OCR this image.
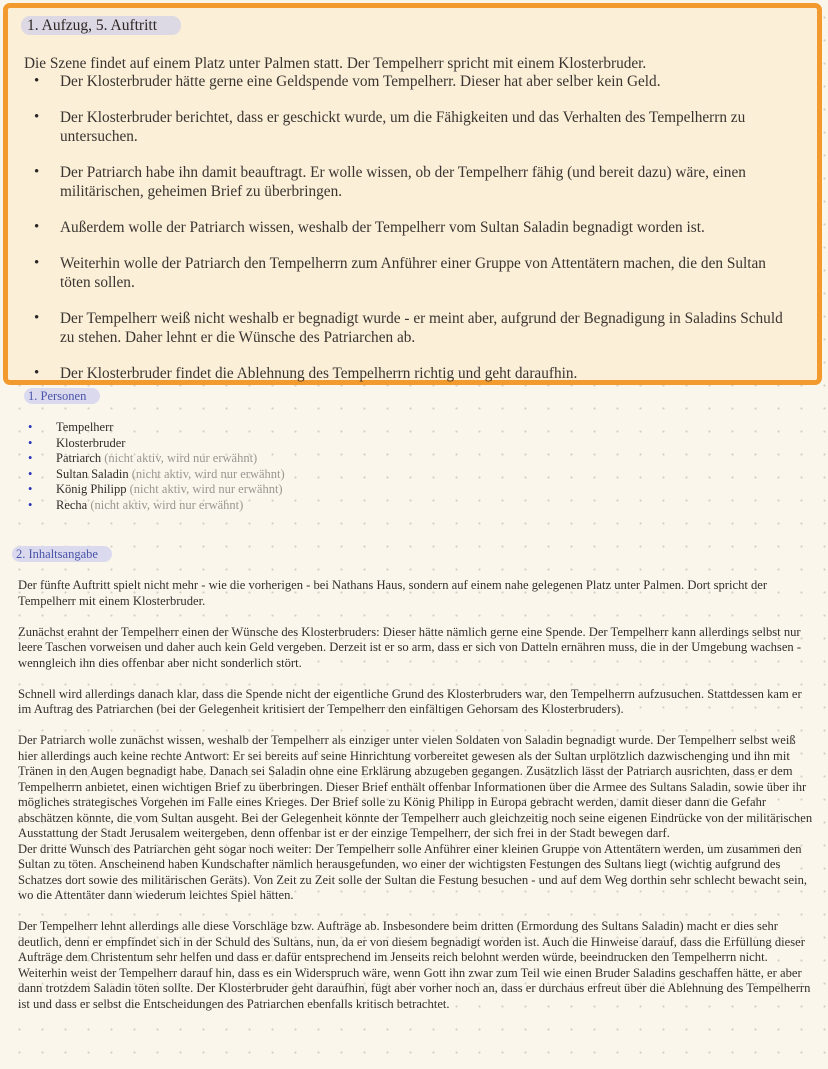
1. Aufzug, 5. Auftritt

Die Szene findet auf einem Platz unter Palmen statt. Der Tempelherr spricht mit einem Klosterbruder.

• Der Klosterbruder hätte gerne eine Geldspende vom Tempelherr. Dieser hat aber selber kein Geld.
• Der Klosterbruder berichtet, dass er geschickt wurde, um die Fähigkeiten und das Verhalten des Tempelherrn zu untersuchen.
• Der Patriarch habe ihn damit beauftragt. Er wolle wissen, ob der Tempelherr fähig (und bereit dazu) wäre, einen militärischen, geheimen Brief zu überbringen.
• Außerdem wolle der Patriarch wissen, weshalb der Tempelherr vom Sultan Saladin begnadigt worden ist.
• Weiterhin wolle der Patriarch den Tempelherrn zum Anführer einer Gruppe von Attentätern machen, die den Sultan töten sollen.
• Der Tempelherr weiß nicht weshalb er begnadigt wurde - er meint aber, aufgrund der Begnadigung in Saladins Schuld zu stehen. Daher lehnt er die Wünsche des Patriarchen ab.
• Der Klosterbruder findet die Ablehnung des Tempelherrn richtig und geht daraufhin.
1. Personen
• Tempelherr
• Klosterbruder
• Patriarch (nicht aktiv, wird nur erwähnt)
• Sultan Saladin (nicht aktiv, wird nur erwähnt)
• König Philipp (nicht aktiv, wird nur erwähnt)
• Recha (nicht aktiv, wird nur erwähnt)
2. Inhaltsangabe

Der fünfte Auftritt spielt nicht mehr - wie die vorherigen - bei Nathans Haus, sondern auf einem nahe gelegenen Platz unter Palmen. Dort spricht der Tempelherr mit einem Klosterbruder.

Zunächst erahnt der Tempelherr einen der Wünsche des Klosterbruders: Dieser hätte nämlich gerne eine Spende. Der Tempelherr kann allerdings selbst nur leere Taschen vorweisen und daher auch kein Geld vergeben. Derzeit ist er so arm, dass er sich von Datteln ernähren muss, die in der Umgebung wachsen - wenngleich ihn dies offenbar aber nicht sonderlich stört.

Schnell wird allerdings danach klar, dass die Spende nicht der eigentliche Grund des Klosterbruders war, den Tempelherrn aufzusuchen. Stattdessen kam er im Auftrag des Patriarchen (bei der Gelegenheit kritisiert der Tempelherr den einfältigen Gehorsam des Klosterbruders).

Der Patriarch wolle zunächst wissen, weshalb der Tempelherr als einziger unter vielen Soldaten von Saladin begnadigt wurde. Der Tempelherr selbst weiß hier allerdings auch keine rechte Antwort: Er sei bereits auf seine Hinrichtung vorbereitet gewesen als der Sultan urplötzlich dazwischenging und ihn mit Tränen in den Augen begnadigt habe. Danach sei Saladin ohne eine Erklärung abzugeben gegangen. Zusätzlich lässt der Patriarch ausrichten, dass er dem Tempelherrn anbietet, einen wichtigen Brief zu überbringen. Dieser Brief enthält offenbar Informationen über die Armee des Sultans Saladin, sowie über ihr mögliches strategisches Vorgehen im Falle eines Krieges. Der Brief solle zu König Philipp in Europa gebracht werden, damit dieser dann die Gefahr abschätzen könnte, die vom Sultan ausgeht. Bei der Gelegenheit könnte der Tempelherr auch gleichzeitig noch seine eigenen Eindrücke von der militärischen Ausstattung der Stadt Jerusalem weitergeben, denn offenbar ist er der einzige Tempelherr, der sich frei in der Stadt bewegen darf.
Der dritte Wunsch des Patriarchen geht sogar noch weiter: Der Tempelherr solle Anführer einer kleinen Gruppe von Attentätern werden, um zusammen den Sultan zu töten. Anscheinend haben Kundschafter nämlich herausgefunden, wo einer der wichtigsten Festungen des Sultans liegt (wichtig aufgrund des Schatzes dort sowie des militärischen Geräts). Von Zeit zu Zeit solle der Sultan die Festung besuchen - und auf dem Weg dorthin sehr schlecht bewacht sein, wo die Attentäter dann wiederum leichtes Spiel hätten.

Der Tempelherr lehnt allerdings alle diese Vorschläge bzw. Aufträge ab. Insbesondere beim dritten (Ermordung des Sultans Saladin) macht er dies sehr deutlich, denn er empfindet sich in der Schuld des Sultans, nun, da er von diesem begnadigt worden ist. Auch die Hinweise darauf, dass die Erfüllung dieser Aufträge dem Christentum sehr helfen und dass er dafür entsprechend im Jenseits reich belohnt werden würde, beeindrucken den Tempelherrn nicht.
Weiterhin weist der Tempelherr darauf hin, dass es ein Widerspruch wäre, wenn Gott ihn zwar zum Teil wie einen Bruder Saladins geschaffen hätte, er aber dann trotzdem Saladin töten sollte. Der Klosterbruder geht daraufhin, fügt aber vorher noch an, dass er durchaus erfreut über die Ablehnung des Tempelherrn ist und dass er selbst die Entscheidungen des Patriarchen ebenfalls kritisch betrachtet.
